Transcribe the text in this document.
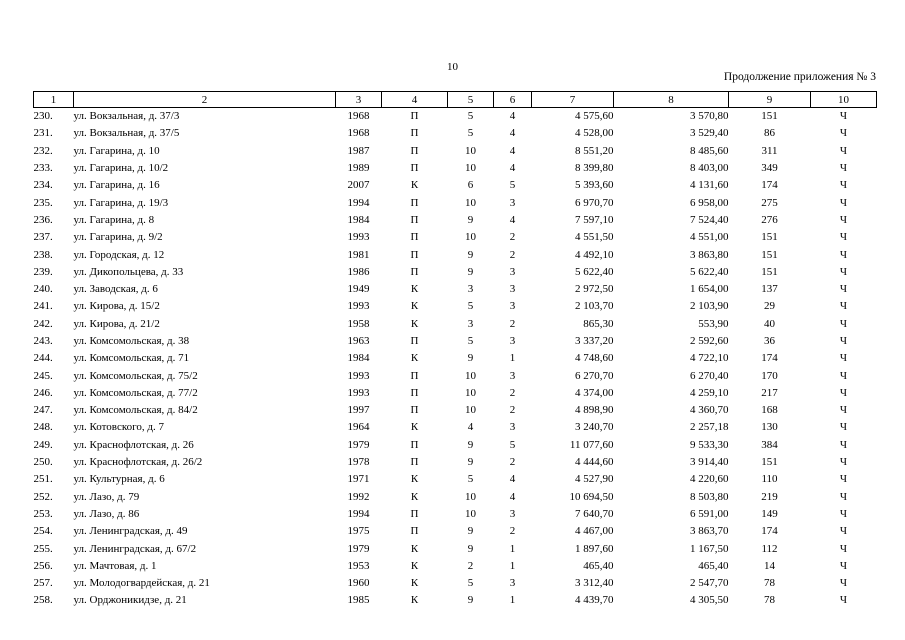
10
Продолжение приложения № 3
1	2	3	4	5	6	7	8	9	10
230.	ул. Вокзальная, д. 37/3	1968	П	5	4	4 575,60	3 570,80	151	Ч
231.	ул. Вокзальная, д. 37/5	1968	П	5	4	4 528,00	3 529,40	86	Ч
232.	ул. Гагарина, д. 10	1987	П	10	4	8 551,20	8 485,60	311	Ч
233.	ул. Гагарина, д. 10/2	1989	П	10	4	8 399,80	8 403,00	349	Ч
234.	ул. Гагарина, д. 16	2007	К	6	5	5 393,60	4 131,60	174	Ч
235.	ул. Гагарина, д. 19/3	1994	П	10	3	6 970,70	6 958,00	275	Ч
236.	ул. Гагарина, д. 8	1984	П	9	4	7 597,10	7 524,40	276	Ч
237.	ул. Гагарина, д. 9/2	1993	П	10	2	4 551,50	4 551,00	151	Ч
238.	ул. Городская, д. 12	1981	П	9	2	4 492,10	3 863,80	151	Ч
239.	ул. Дикопольцева, д. 33	1986	П	9	3	5 622,40	5 622,40	151	Ч
240.	ул. Заводская, д. 6	1949	К	3	3	2 972,50	1 654,00	137	Ч
241.	ул. Кирова, д. 15/2	1993	К	5	3	2 103,70	2 103,90	29	Ч
242.	ул. Кирова, д. 21/2	1958	К	3	2	865,30	553,90	40	Ч
243.	ул. Комсомольская, д. 38	1963	П	5	3	3 337,20	2 592,60	36	Ч
244.	ул. Комсомольская, д. 71	1984	К	9	1	4 748,60	4 722,10	174	Ч
245.	ул. Комсомольская, д. 75/2	1993	П	10	3	6 270,70	6 270,40	170	Ч
246.	ул. Комсомольская, д. 77/2	1993	П	10	2	4 374,00	4 259,10	217	Ч
247.	ул. Комсомольская, д. 84/2	1997	П	10	2	4 898,90	4 360,70	168	Ч
248.	ул. Котовского, д. 7	1964	К	4	3	3 240,70	2 257,18	130	Ч
249.	ул. Краснофлотская, д. 26	1979	П	9	5	11 077,60	9 533,30	384	Ч
250.	ул. Краснофлотская, д. 26/2	1978	П	9	2	4 444,60	3 914,40	151	Ч
251.	ул. Культурная, д. 6	1971	К	5	4	4 527,90	4 220,60	110	Ч
252.	ул. Лазо, д. 79	1992	К	10	4	10 694,50	8 503,80	219	Ч
253.	ул. Лазо, д. 86	1994	П	10	3	7 640,70	6 591,00	149	Ч
254.	ул. Ленинградская, д. 49	1975	П	9	2	4 467,00	3 863,70	174	Ч
255.	ул. Ленинградская, д. 67/2	1979	К	9	1	1 897,60	1 167,50	112	Ч
256.	ул. Мачтовая, д. 1	1953	К	2	1	465,40	465,40	14	Ч
257.	ул. Молодогвардейская, д. 21	1960	К	5	3	3 312,40	2 547,70	78	Ч
258.	ул. Орджоникидзе, д. 21	1985	К	9	1	4 439,70	4 305,50	78	Ч
